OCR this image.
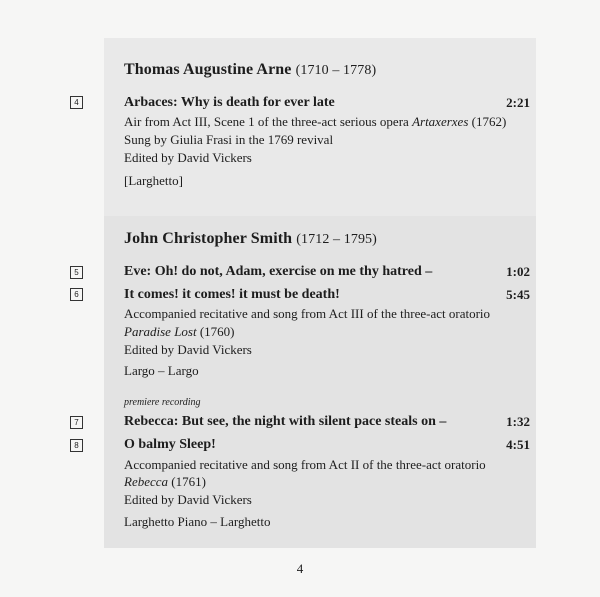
Thomas Augustine Arne (1710 – 1778)
4	Arbaces: Why is death for ever late	2:21
Air from Act III, Scene 1 of the three-act serious opera Artaxerxes (1762)
Sung by Giulia Frasi in the 1769 revival
Edited by David Vickers
[Larghetto]
John Christopher Smith (1712 – 1795)
5	Eve: Oh! do not, Adam, exercise on me thy hatred –	1:02
6	It comes! it comes! it must be death!	5:45
Accompanied recitative and song from Act III of the three-act oratorio
Paradise Lost (1760)
Edited by David Vickers
Largo – Largo
premiere recording
7	Rebecca: But see, the night with silent pace steals on –	1:32
8	O balmy Sleep!	4:51
Accompanied recitative and song from Act II of the three-act oratorio
Rebecca (1761)
Edited by David Vickers
Larghetto Piano – Larghetto
4
